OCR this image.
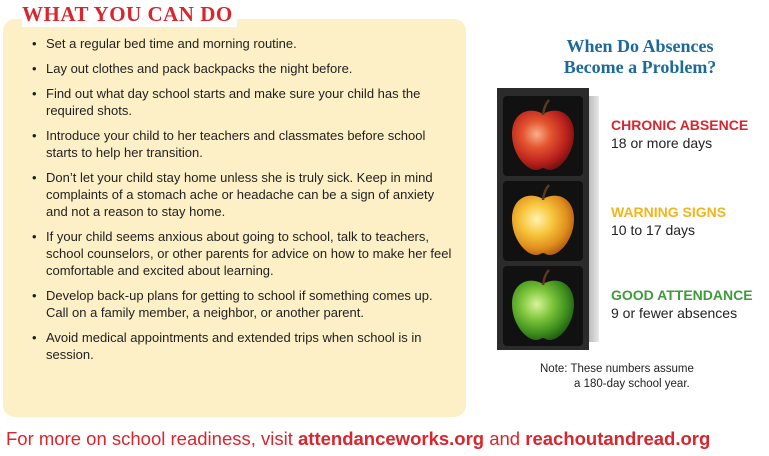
WHAT YOU CAN DO
• Set a regular bed time and morning routine.
• Lay out clothes and pack backpacks the night before.
• Find out what day school starts and make sure your child has the required shots.
• Introduce your child to her teachers and classmates before school starts to help her transition.
• Don’t let your child stay home unless she is truly sick. Keep in mind complaints of a stomach ache or headache can be a sign of anxiety and not a reason to stay home.
• If your child seems anxious about going to school, talk to teachers, school counselors, or other parents for advice on how to make her feel comfortable and excited about learning.
• Develop back-up plans for getting to school if something comes up. Call on a family member, a neighbor, or another parent.
• Avoid medical appointments and extended trips when school is in session.
When Do Absences
Become a Problem?
CHRONIC ABSENCE
18 or more days
WARNING SIGNS
10 to 17 days
GOOD ATTENDANCE
9 or fewer absences
Note: These numbers assume
a 180-day school year.
For more on school readiness, visit attendanceworks.org and reachoutandread.org
